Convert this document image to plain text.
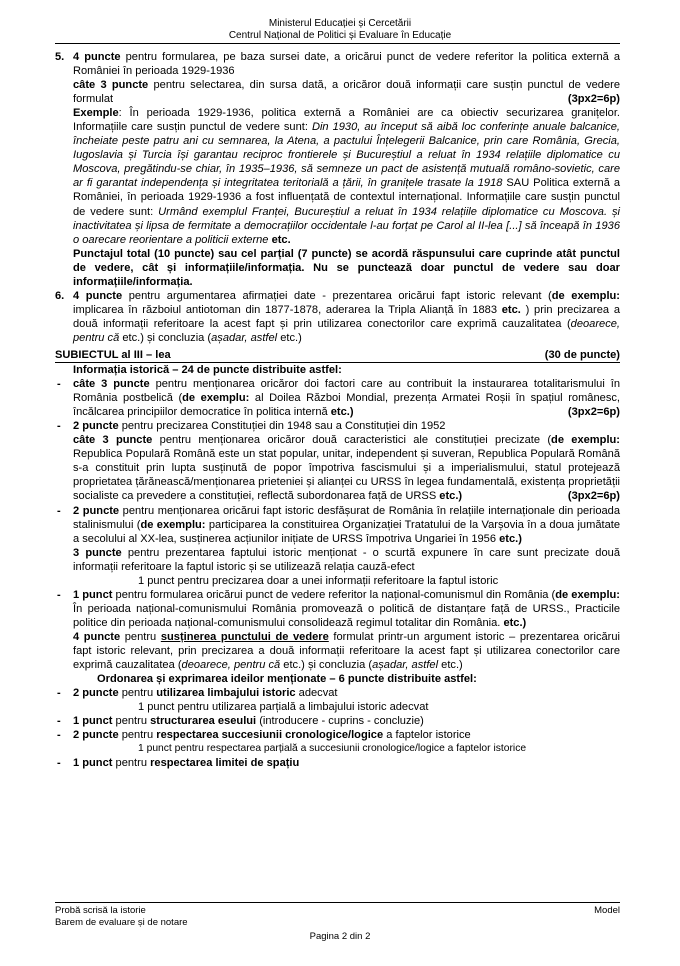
Ministerul Educației și Cercetării
Centrul Național de Politici și Evaluare în Educație
5. 4 puncte pentru formularea, pe baza sursei date, a oricărui punct de vedere referitor la politica externă a României în perioada 1929-1936

câte 3 puncte pentru selectarea, din sursa dată, a oricăror două informații care susțin punctul de vedere formulat	(3px2=6p)

Exemple: În perioada 1929-1936, politica externă a României are ca obiectiv securizarea granițelor. Informațiile care susțin punctul de vedere sunt: Din 1930, au început să aibă loc conferințe anuale balcanice, încheiate peste patru ani cu semnarea, la Atena, a pactului Înțelegerii Balcanice, prin care România, Grecia, Iugoslavia și Turcia își garantau reciproc frontierele și Bucureștiul a reluat în 1934 relațiile diplomatice cu Moscova, pregătindu-se chiar, în 1935–1936, să semneze un pact de asistență mutuală româno-sovietic, care ar fi garantat independența și integritatea teritorială a țării, în granițele trasate la 1918 SAU Politica externă a României, în perioada 1929-1936 a fost influențată de contextul internațional. Informațiile care susțin punctul de vedere sunt: Urmând exemplul Franței, Bucureștiul a reluat în 1934 relațiile diplomatice cu Moscova. și inactivitatea și lipsa de fermitate a democrațiilor occidentale l-au forțat pe Carol al II-lea [...] să înceapă în 1936 o oarecare reorientare a politicii externe etc.

Punctajul total (10 puncte) sau cel parțial (7 puncte) se acordă răspunsului care cuprinde atât punctul de vedere, cât și informațiile/informația. Nu se punctează doar punctul de vedere sau doar informațiile/informația.

6. 4 puncte pentru argumentarea afirmației date - prezentarea oricărui fapt istoric relevant (de exemplu: implicarea în războiul antiotoman din 1877-1878, aderarea la Tripla Alianță în 1883 etc. ) prin precizarea a două informații referitoare la acest fapt și prin utilizarea conectorilor care exprimă cauzalitatea (deoarece, pentru că etc.) și concluzia (așadar, astfel etc.)

SUBIECTUL al III – lea	(30 de puncte)

Informația istorică – 24 de puncte distribuite astfel:

- câte 3 puncte pentru menționarea oricăror doi factori care au contribuit la instaurarea totalitarismului în România postbelică (de exemplu: al Doilea Război Mondial, prezența Armatei Roșii în spațiul românesc, încălcarea principiilor democratice în politica internă etc.)	(3px2=6p)

- 2 puncte pentru precizarea Constituției din 1948 sau a Constituției din 1952

câte 3 puncte pentru menționarea oricăror două caracteristici ale constituției precizate (de exemplu: Republica Populară Română este un stat popular, unitar, independent și suveran, Republica Populară Română s-a constituit prin lupta susținută de popor împotriva fascismului și a imperialismului, statul protejează proprietatea țărănească/menționarea prieteniei și alianței cu URSS în legea fundamentală, existența proprietății socialiste ca prevedere a constituției, reflectă subordonarea față de URSS etc.)	(3px2=6p)

- 2 puncte pentru menționarea oricărui fapt istoric desfășurat de România în relațiile internaționale din perioada stalinismului (de exemplu: participarea la constituirea Organizației Tratatului de la Varșovia în a doua jumătate a secolului al XX-lea, susținerea acțiunilor inițiate de URSS împotriva Ungariei în 1956 etc.)

3 puncte pentru prezentarea faptului istoric menționat - o scurtă expunere în care sunt precizate două informații referitoare la faptul istoric și se utilizează relația cauză-efect

1 punct pentru precizarea doar a unei informații referitoare la faptul istoric

- 1 punct pentru formularea oricărui punct de vedere referitor la național-comunismul din România (de exemplu: În perioada național-comunismului România promovează o politică de distanțare față de URSS., Practicile politice din perioada național-comunismului consolidează regimul totalitar din România. etc.)

4 puncte pentru susținerea punctului de vedere formulat printr-un argument istoric – prezentarea oricărui fapt istoric relevant, prin precizarea a două informații referitoare la acest fapt și utilizarea conectorilor care exprimă cauzalitatea (deoarece, pentru că etc.) și concluzia (așadar, astfel etc.)

Ordonarea și exprimarea ideilor menționate – 6 puncte distribuite astfel:

- 2 puncte pentru utilizarea limbajului istoric adecvat

1 punct pentru utilizarea parțială a limbajului istoric adecvat

- 1 punct pentru structurarea eseului (introducere - cuprins - concluzie)

- 2 puncte pentru respectarea succesiunii cronologice/logice a faptelor istorice

1 punct pentru respectarea parțială a succesiunii cronologice/logice a faptelor istorice

- 1 punct pentru respectarea limitei de spațiu

Probă scrisă la istorie
Barem de evaluare și de notare
Model
Pagina 2 din 2
